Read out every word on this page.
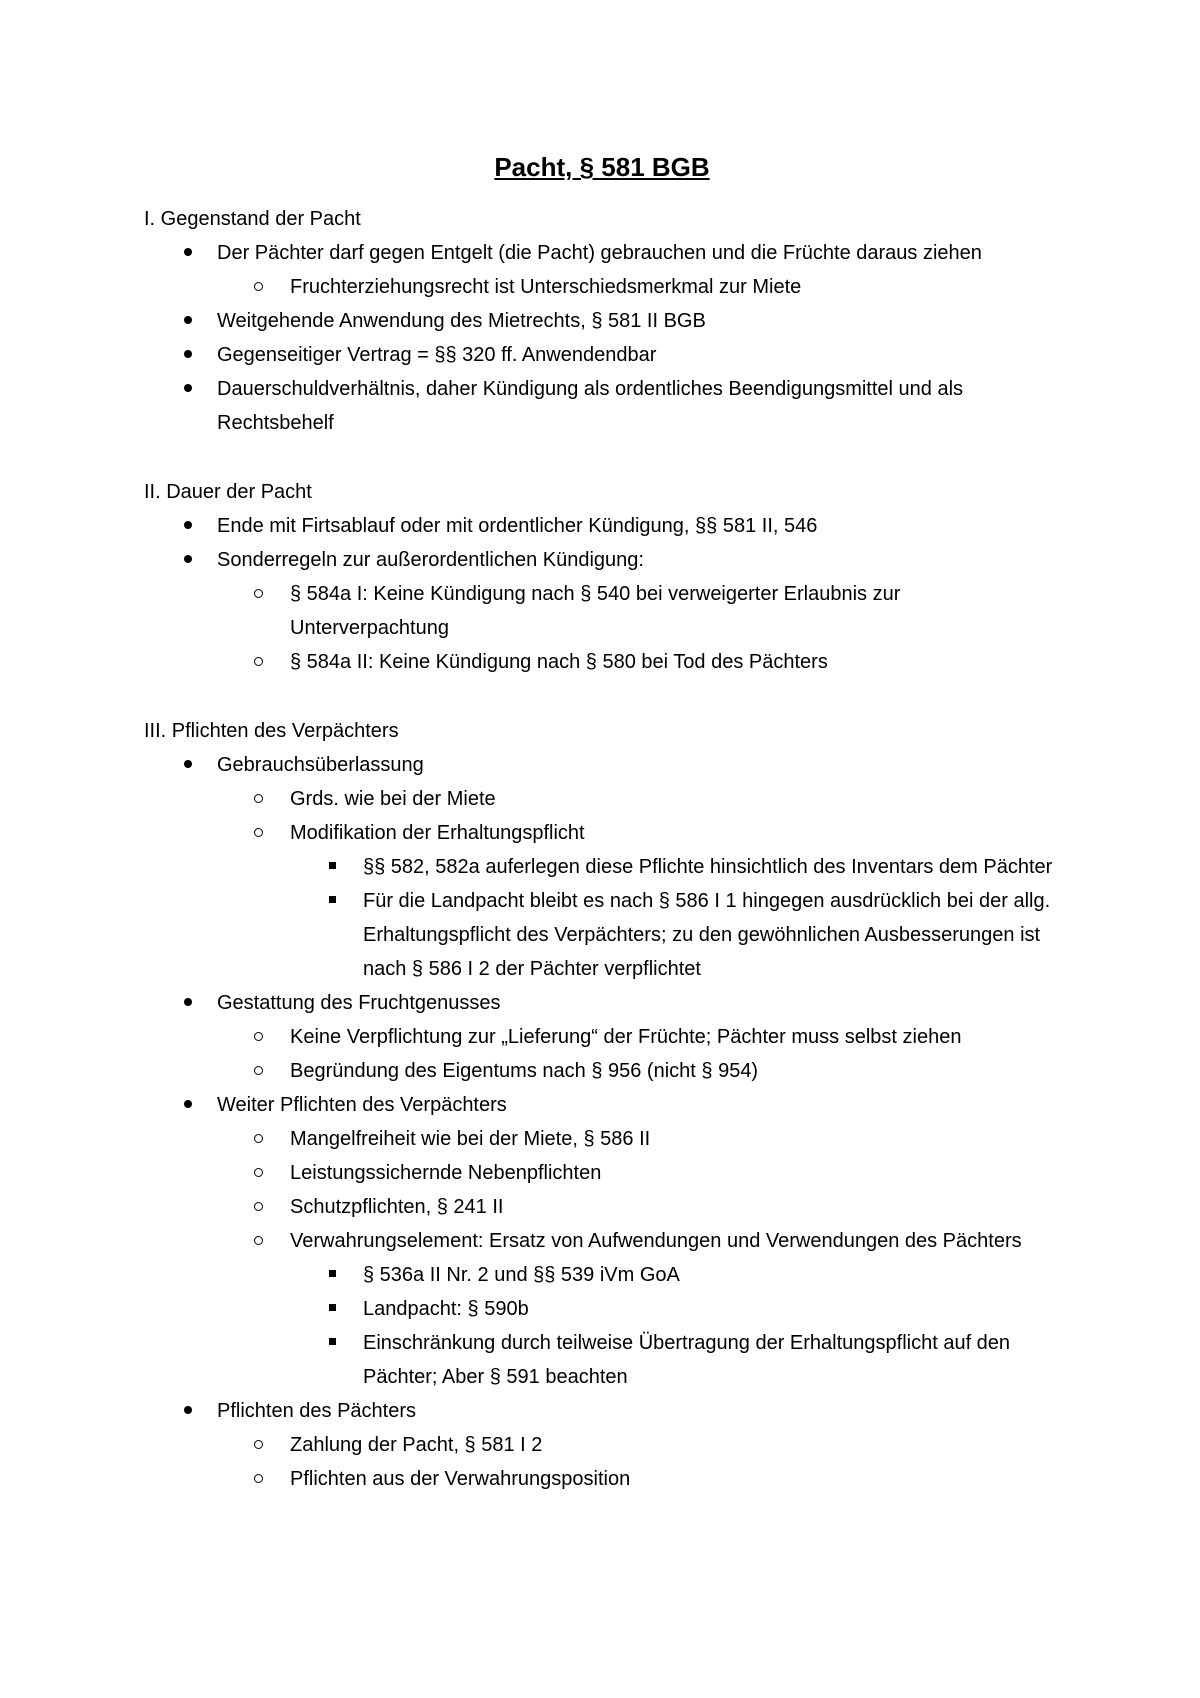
Pacht, § 581 BGB

I. Gegenstand der Pacht

Der Pächter darf gegen Entgelt (die Pacht) gebrauchen und die Früchte daraus ziehen
Fruchterziehungsrecht ist Unterschiedsmerkmal zur Miete
Weitgehende Anwendung des Mietrechts, § 581 II BGB
Gegenseitiger Vertrag = §§ 320 ff. Anwendendbar
Dauerschuldverhältnis, daher Kündigung als ordentliches Beendigungsmittel und als Rechtsbehelf

II. Dauer der Pacht

Ende mit Firtsablauf oder mit ordentlicher Kündigung, §§ 581 II, 546
Sonderregeln zur außerordentlichen Kündigung:
§ 584a I: Keine Kündigung nach § 540 bei verweigerter Erlaubnis zur Unterverpachtung
§ 584a II: Keine Kündigung nach § 580 bei Tod des Pächters

III. Pflichten des Verpächters

Gebrauchsüberlassung
Grds. wie bei der Miete
Modifikation der Erhaltungspflicht
§§ 582, 582a auferlegen diese Pflichte hinsichtlich des Inventars dem Pächter
Für die Landpacht bleibt es nach § 586 I 1 hingegen ausdrücklich bei der allg. Erhaltungspflicht des Verpächters; zu den gewöhnlichen Ausbesserungen ist nach § 586 I 2 der Pächter verpflichtet
Gestattung des Fruchtgenusses
Keine Verpflichtung zur „Lieferung“ der Früchte; Pächter muss selbst ziehen
Begründung des Eigentums nach § 956 (nicht § 954)
Weiter Pflichten des Verpächters
Mangelfreiheit wie bei der Miete, § 586 II
Leistungssichernde Nebenpflichten
Schutzpflichten, § 241 II
Verwahrungselement: Ersatz von Aufwendungen und Verwendungen des Pächters
§ 536a II Nr. 2 und §§ 539 iVm GoA
Landpacht: § 590b
Einschränkung durch teilweise Übertragung der Erhaltungspflicht auf den Pächter; Aber § 591 beachten
Pflichten des Pächters
Zahlung der Pacht, § 581 I 2
Pflichten aus der Verwahrungsposition
